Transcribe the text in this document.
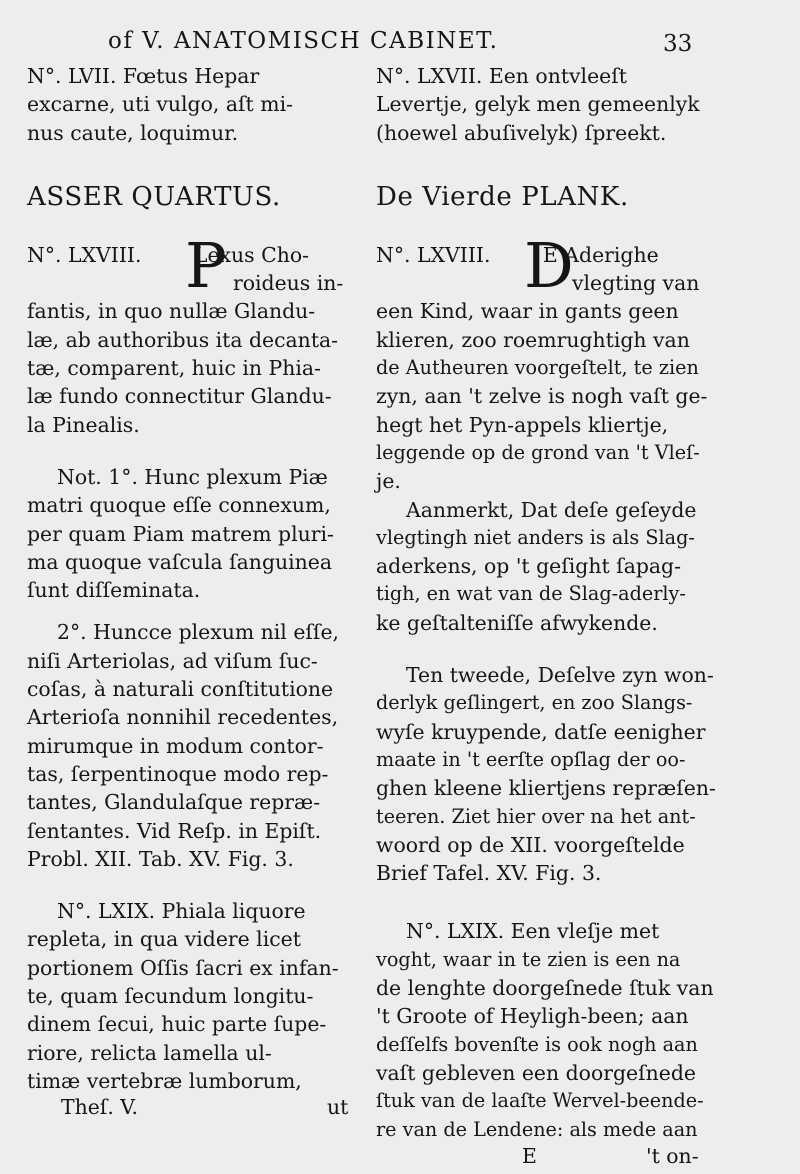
of V. ANATOMISCH CABINET.	33
N°. LVII. Fœtus Hepar
excarne, uti vulgo, aſt mi-
nus caute, loquimur.
ASSER QUARTUS.
N°. LXVIII.	Lexus Cho-
P roideus in-
fantis, in quo nullæ Glandu-
læ, ab authoribus ita decanta-
tæ, comparent, huic in Phia-
læ fundo connectitur Glandu-
la Pinealis.
Not. 1°. Hunc plexum Piæ
matri quoque eſſe connexum,
per quam Piam matrem pluri-
ma quoque vaſcula ſanguinea
ſunt diſſeminata.
2°. Huncce plexum nil eſſe,
niſi Arteriolas, ad viſum ſuc-
coſas, à naturali conſtitutione
Arterioſa nonnihil recedentes,
mirumque in modum contor-
tas, ſerpentinoque modo rep-
tantes, Glandulaſque repræ-
ſentantes. Vid Reſp. in Epiſt.
Probl. XII. Tab. XV. Fig. 3.
N°. LXIX. Phiala liquore
repleta, in qua videre licet
portionem Oſſis ſacri ex infan-
te, quam ſecundum longitu-
dinem ſecui, huic parte ſupe-
riore, relicta lamella ul-
timæ vertebræ lumborum,
Theſ. V.	ut
N°. LXVII. Een ontvleeſt
Levertje, gelyk men gemeenlyk
(hoewel abuſivelyk) ſpreekt.
De Vierde PLANK.
N°. LXVIII.	E Aderighe
D
vlegting van
een Kind, waar in gants geen
klieren, zoo roemrughtigh van
de Autheuren voorgeſtelt, te zien
zyn, aan 't zelve is nogh vaſt ge-
hegt het Pyn-appels kliertje,
leggende op de grond van 't Vleſ-
je.
Aanmerkt, Dat deſe geſeyde
vlegtingh niet anders is als Slag-
aderkens, op 't geſight ſapag-
tigh, en wat van de Slag-aderly-
ke geſtalteniſſe afwykende.
Ten tweede, Deſelve zyn won-
derlyk geſlingert, en zoo Slangs-
wyſe kruypende, datſe eenigher
maate in 't eerſte opſlag der oo-
ghen kleene kliertjens repræſen-
teeren. Ziet hier over na het ant-
woord op de XII. voorgeſtelde
Brief Tafel. XV. Fig. 3.
N°. LXIX. Een vleſje met
voght, waar in te zien is een na
de lenghte doorgeſnede ſtuk van
't Groote of Heyligh-been; aan
deſſelfs bovenſte is ook nogh aan
vaſt gebleven een doorgeſnede
ſtuk van de laaſte Wervel-beende-
re van de Lendene: als mede aan
E	't on-
